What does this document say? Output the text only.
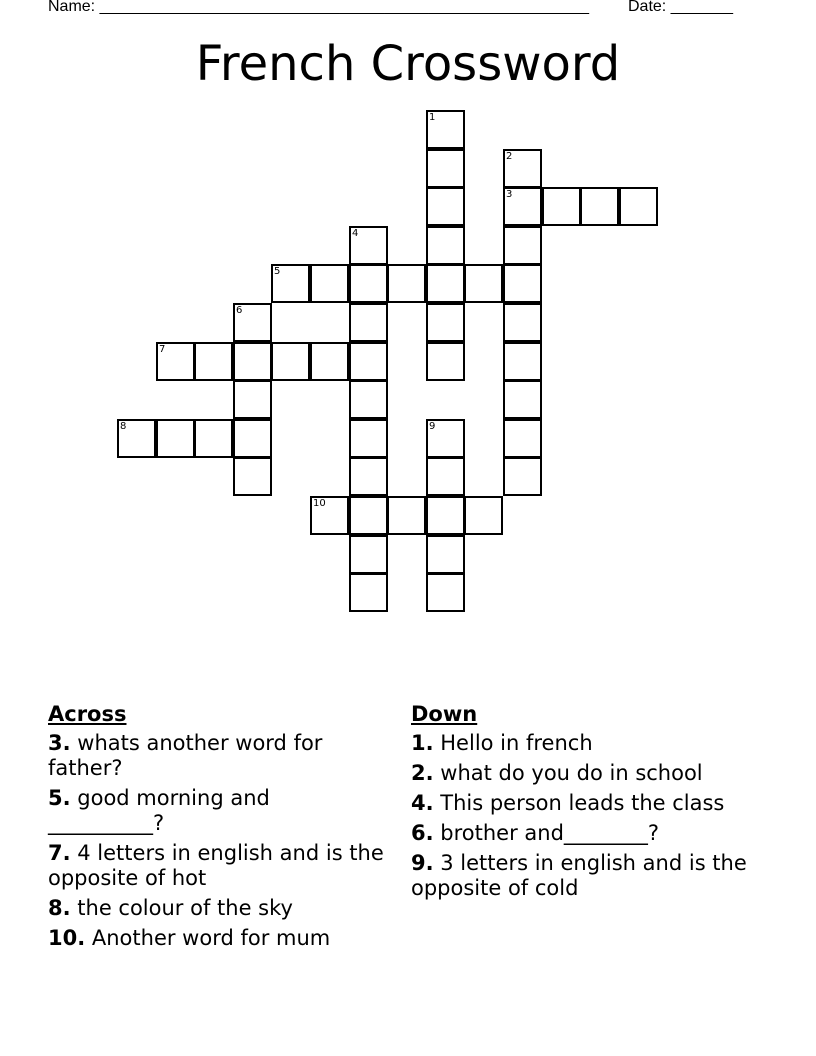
Name: _______________________________________________________ Date: _______
French Crossword
1
2
3
4
5
6
7
8	9
10
Across
3. whats another word for father?
5. good morning and __________?
7. 4 letters in english and is the opposite of hot
8. the colour of the sky
10. Another word for mum
Down
1. Hello in french
2. what do you do in school
4. This person leads the class
6. brother and________?
9. 3 letters in english and is the opposite of cold
